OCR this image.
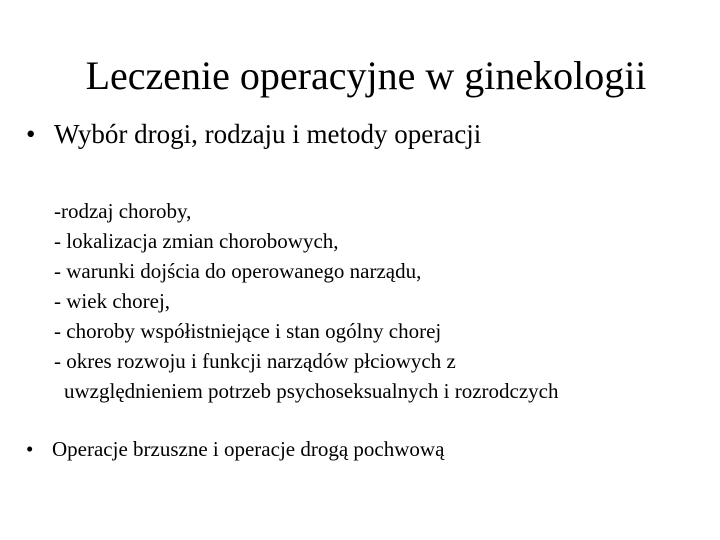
Leczenie operacyjne w ginekologii
• Wybór drogi, rodzaju i metody operacji
-rodzaj choroby,
- lokalizacja zmian chorobowych,
- warunki dojścia do operowanego narządu,
- wiek chorej,
- choroby współistniejące i stan ogólny chorej
- okres rozwoju i funkcji narządów płciowych z
uwzględnieniem potrzeb psychoseksualnych i rozrodczych
• Operacje brzuszne i operacje drogą pochwową
